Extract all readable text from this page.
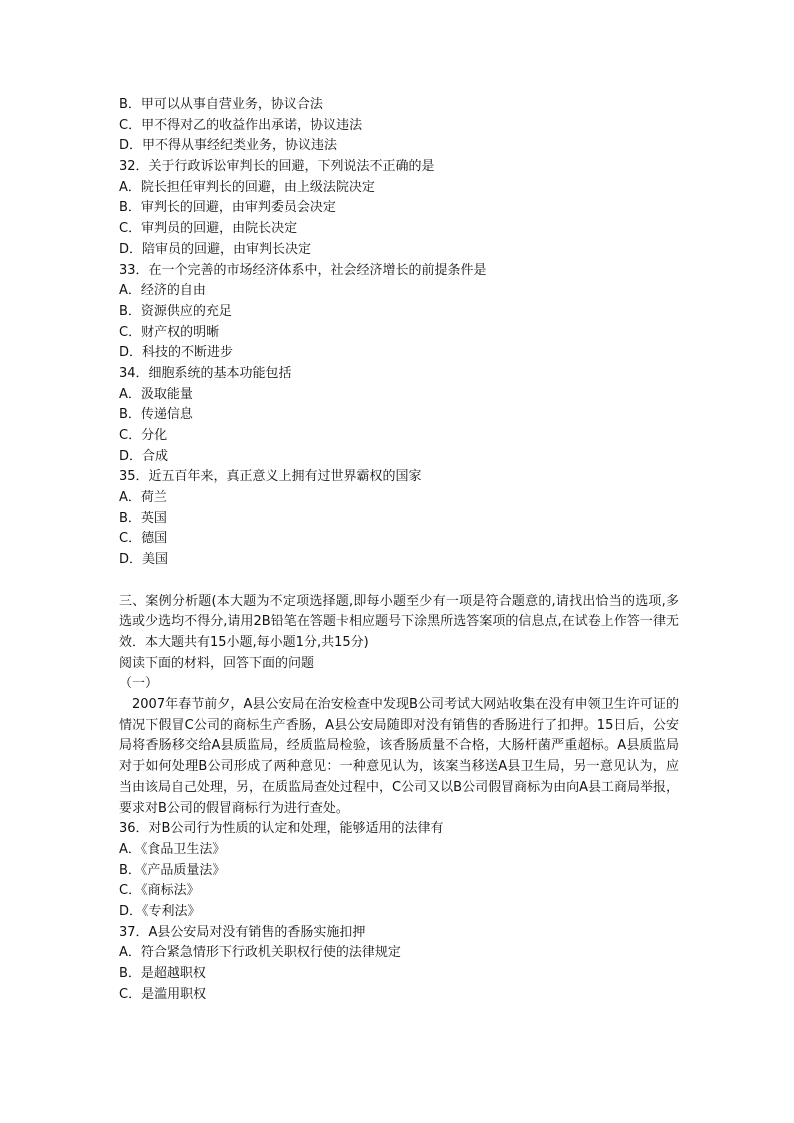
B．甲可以从事自营业务，协议合法
C．甲不得对乙的收益作出承诺，协议违法
D．甲不得从事经纪类业务，协议违法
32．关于行政诉讼审判长的回避，下列说法不正确的是
A．院长担任审判长的回避，由上级法院决定
B．审判长的回避，由审判委员会决定
C．审判员的回避，由院长决定
D．陪审员的回避，由审判长决定
33．在一个完善的市场经济体系中，社会经济增长的前提条件是
A．经济的自由
B．资源供应的充足
C．财产权的明晰
D．科技的不断进步
34．细胞系统的基本功能包括
A．汲取能量
B．传递信息
C．分化
D．合成
35．近五百年来，真正意义上拥有过世界霸权的国家
A．荷兰
B．英国
C．德国
D．美国
三、案例分析题(本大题为不定项选择题,即每小题至少有一项是符合题意的,请找出恰当的选项,多选或少选均不得分,请用2B铅笔在答题卡相应题号下涂黑所选答案项的信息点,在试卷上作答一律无效．本大题共有15小题,每小题1分,共15分)
阅读下面的材料，回答下面的问题
（一）
2007年春节前夕，A县公安局在治安检查中发现B公司考试大网站收集在没有申领卫生许可证的情况下假冒C公司的商标生产香肠，A县公安局随即对没有销售的香肠进行了扣押。15日后，公安局将香肠移交给A县质监局，经质监局检验，该香肠质量不合格，大肠杆菌严重超标。A县质监局对于如何处理B公司形成了两种意见：一种意见认为，该案当移送A县卫生局，另一意见认为，应当由该局自己处理，另，在质监局查处过程中，C公司又以B公司假冒商标为由向A县工商局举报，要求对B公司的假冒商标行为进行查处。
36．对B公司行为性质的认定和处理，能够适用的法律有
A．《食品卫生法》
B．《产品质量法》
C．《商标法》
D．《专利法》
37．A县公安局对没有销售的香肠实施扣押
A．符合紧急情形下行政机关职权行使的法律规定
B．是超越职权
C．是滥用职权
